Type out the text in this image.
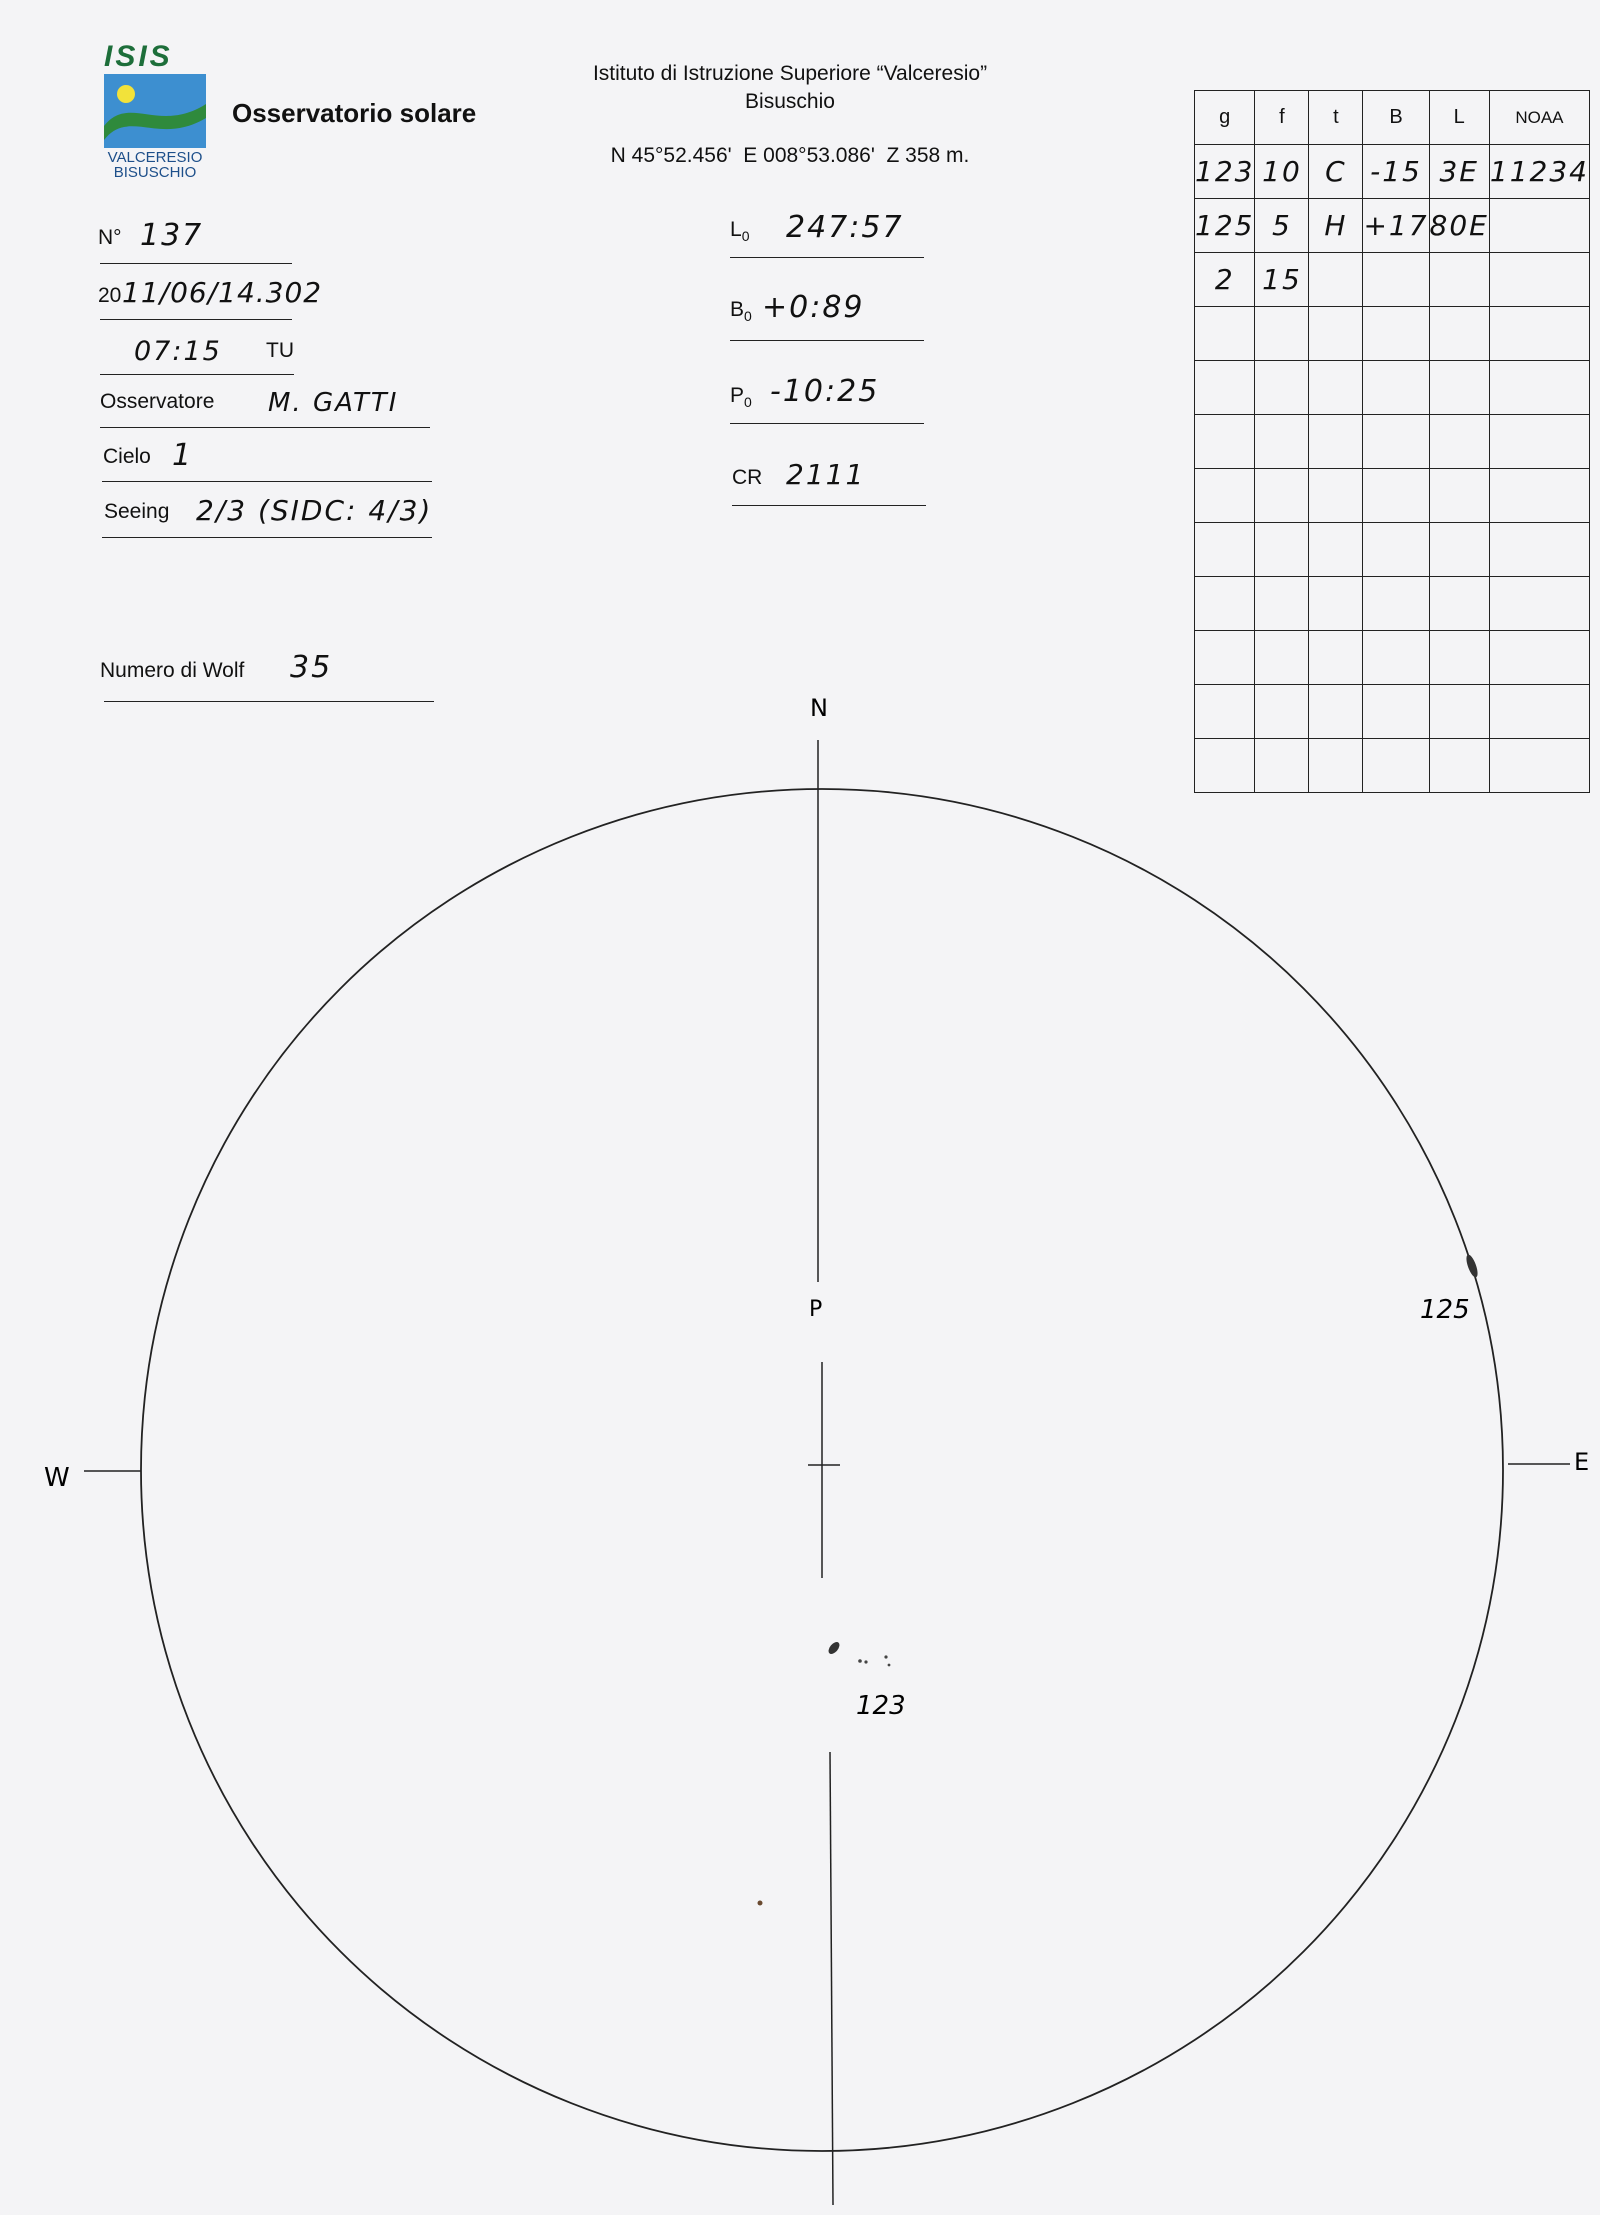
ISIS
VALCERESIO
BISUSCHIO
Osservatorio solare
Istituto di Istruzione Superiore “Valceresio”
Bisuschio
N 45°52.456'  E 008°53.086'  Z 358 m.
N° 137
20 11/06/14.302
07:15 TU
Osservatore M. GATTI
Cielo 1
Seeing 2/3 (SIDC: 4/3)
Numero di Wolf 35
$L_0$ 247:57
$B_0$ +0:89
$P_0$ -10:25
CR 2111
g	f	t	B	L	NOAA
123	10	C	-15	3E	11234
125	5	H	+17	80E	
2	15				

N
E
W
P	125
123
